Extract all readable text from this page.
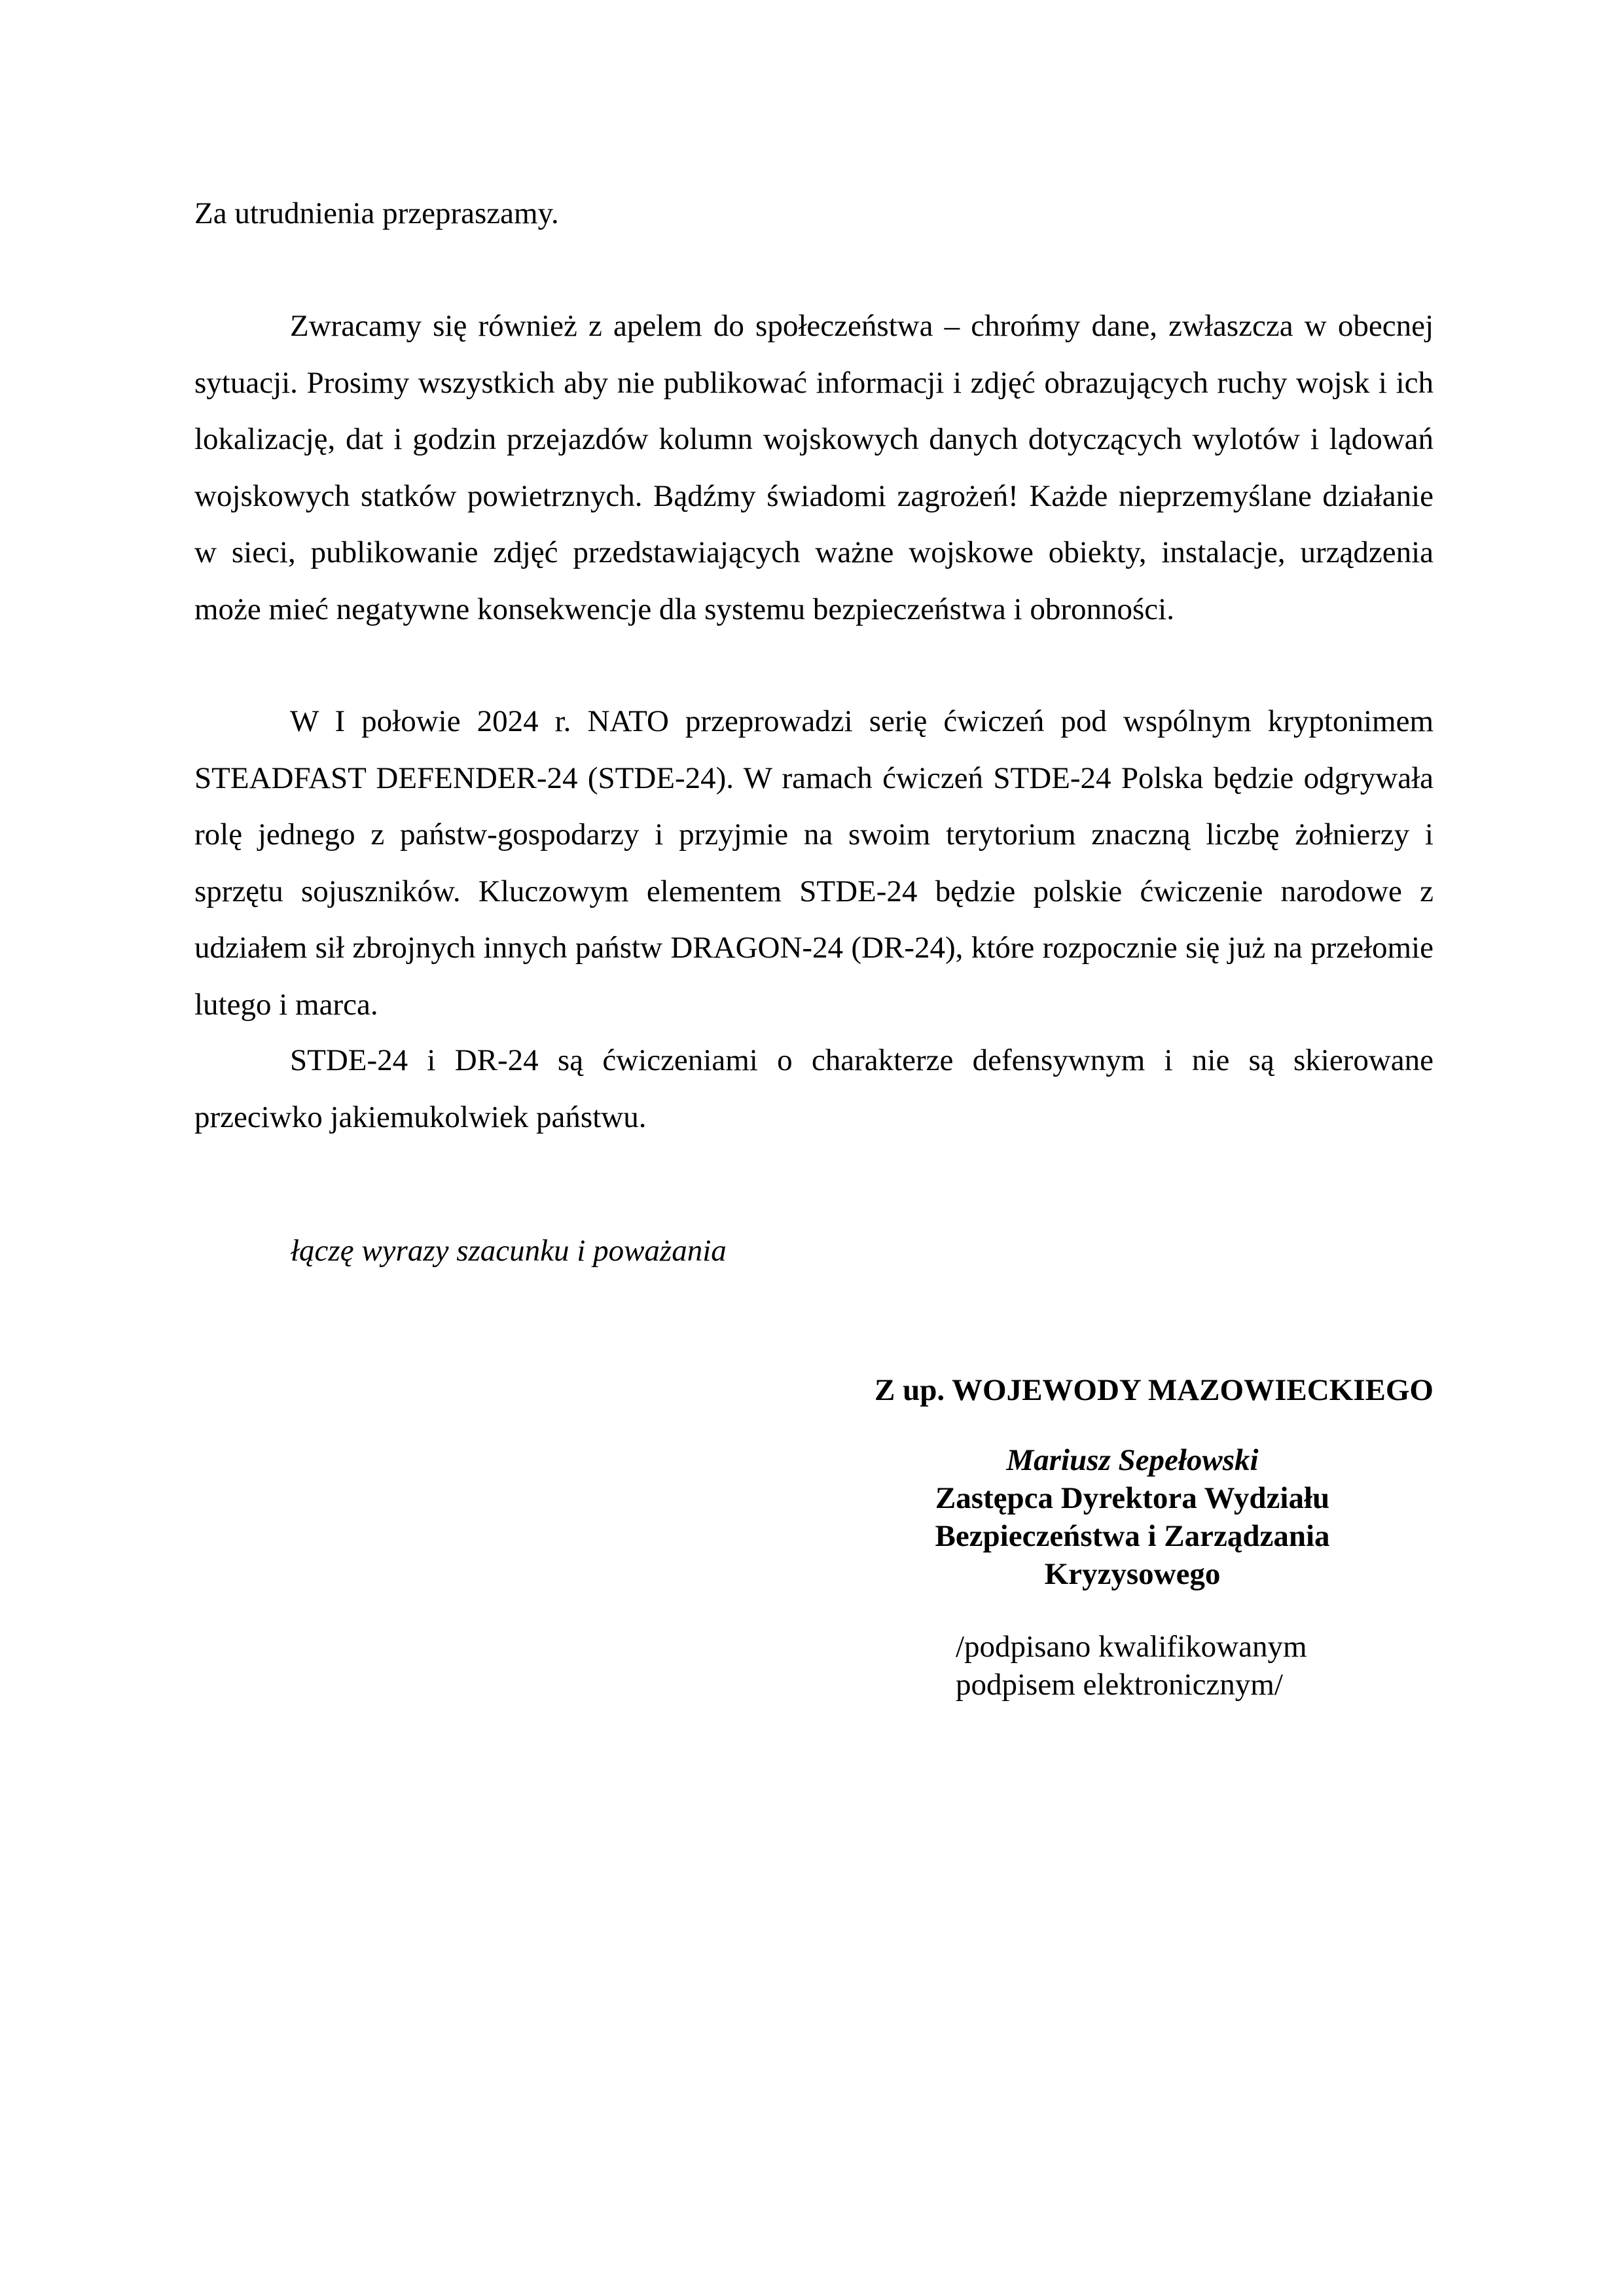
Za utrudnienia przepraszamy.

Zwracamy się również z apelem do społeczeństwa – chrońmy dane, zwłaszcza w obecnej sytuacji. Prosimy wszystkich aby nie publikować informacji i zdjęć obrazujących ruchy wojsk i ich lokalizację, dat i godzin przejazdów kolumn wojskowych danych dotyczących wylotów i lądowań wojskowych statków powietrznych. Bądźmy świadomi zagrożeń! Każde nieprzemyślane działanie w sieci, publikowanie zdjęć przedstawiających ważne wojskowe obiekty, instalacje, urządzenia może mieć negatywne konsekwencje dla systemu bezpieczeństwa i obronności.

W I połowie 2024 r. NATO przeprowadzi serię ćwiczeń pod wspólnym kryptonimem STEADFAST DEFENDER-24 (STDE-24). W ramach ćwiczeń STDE-24 Polska będzie odgrywała rolę jednego z państw-gospodarzy i przyjmie na swoim terytorium znaczną liczbę żołnierzy i sprzętu sojuszników. Kluczowym elementem STDE-24 będzie polskie ćwiczenie narodowe z udziałem sił zbrojnych innych państw DRAGON-24 (DR-24), które rozpocznie się już na przełomie lutego i marca.

STDE-24 i DR-24 są ćwiczeniami o charakterze defensywnym i nie są skierowane przeciwko jakiemukolwiek państwu.

łączę wyrazy szacunku i poważania

Z up. WOJEWODY MAZOWIECKIEGO

Mariusz Sepełowski
Zastępca Dyrektora Wydziału
Bezpieczeństwa i Zarządzania
Kryzysowego

/podpisano kwalifikowanym
podpisem elektronicznym/
